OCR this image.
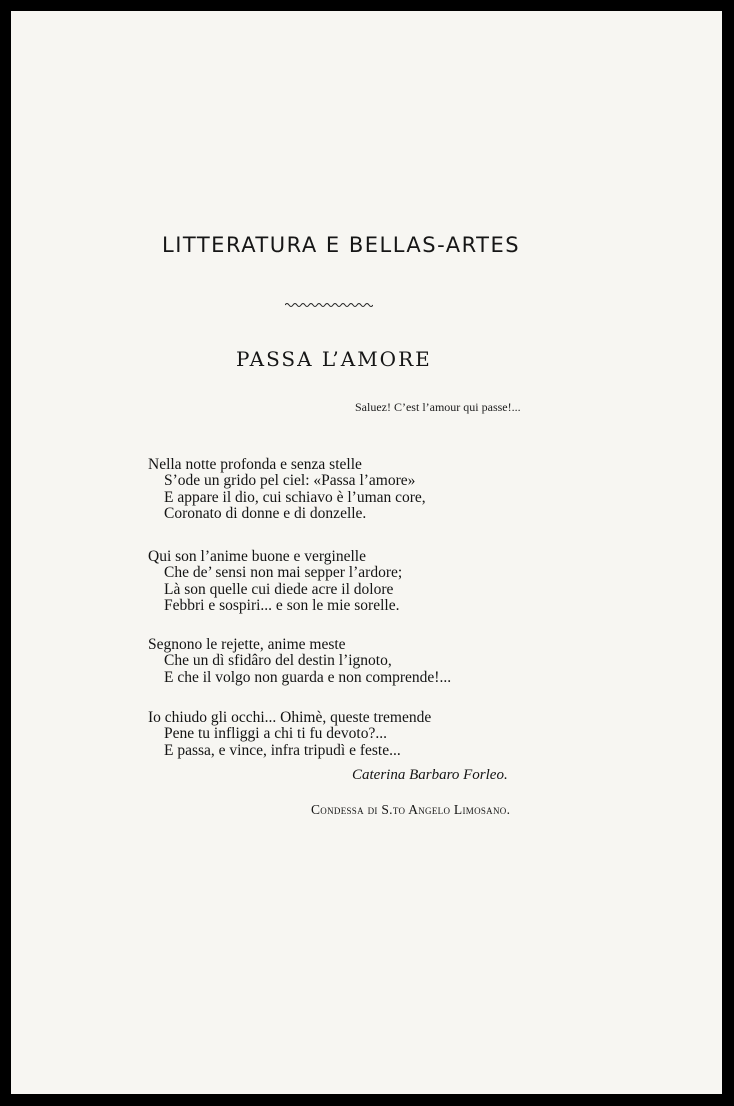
LITTERATURA E BELLAS-ARTES
PASSA L’AMORE
Saluez! C’est l’amour qui passe!...
Nella notte profonda e senza stelle
S’ode un grido pel ciel: «Passa l’amore»
E appare il dio, cui schiavo è l’uman core,
Coronato di donne e di donzelle.
Qui son l’anime buone e verginelle
Che de’ sensi non mai sepper l’ardore;
Là son quelle cui diede acre il dolore
Febbri e sospiri... e son le mie sorelle.
Segnono le rejette, anime meste
Che un dì sfidâro del destin l’ignoto,
E che il volgo non guarda e non comprende!...
Io chiudo gli occhi... Ohimè, queste tremende
Pene tu infliggi a chi ti fu devoto?...
E passa, e vince, infra tripudì e feste...
Caterina Barbaro Forleo.
Condessa di S.to Angelo Limosano.
